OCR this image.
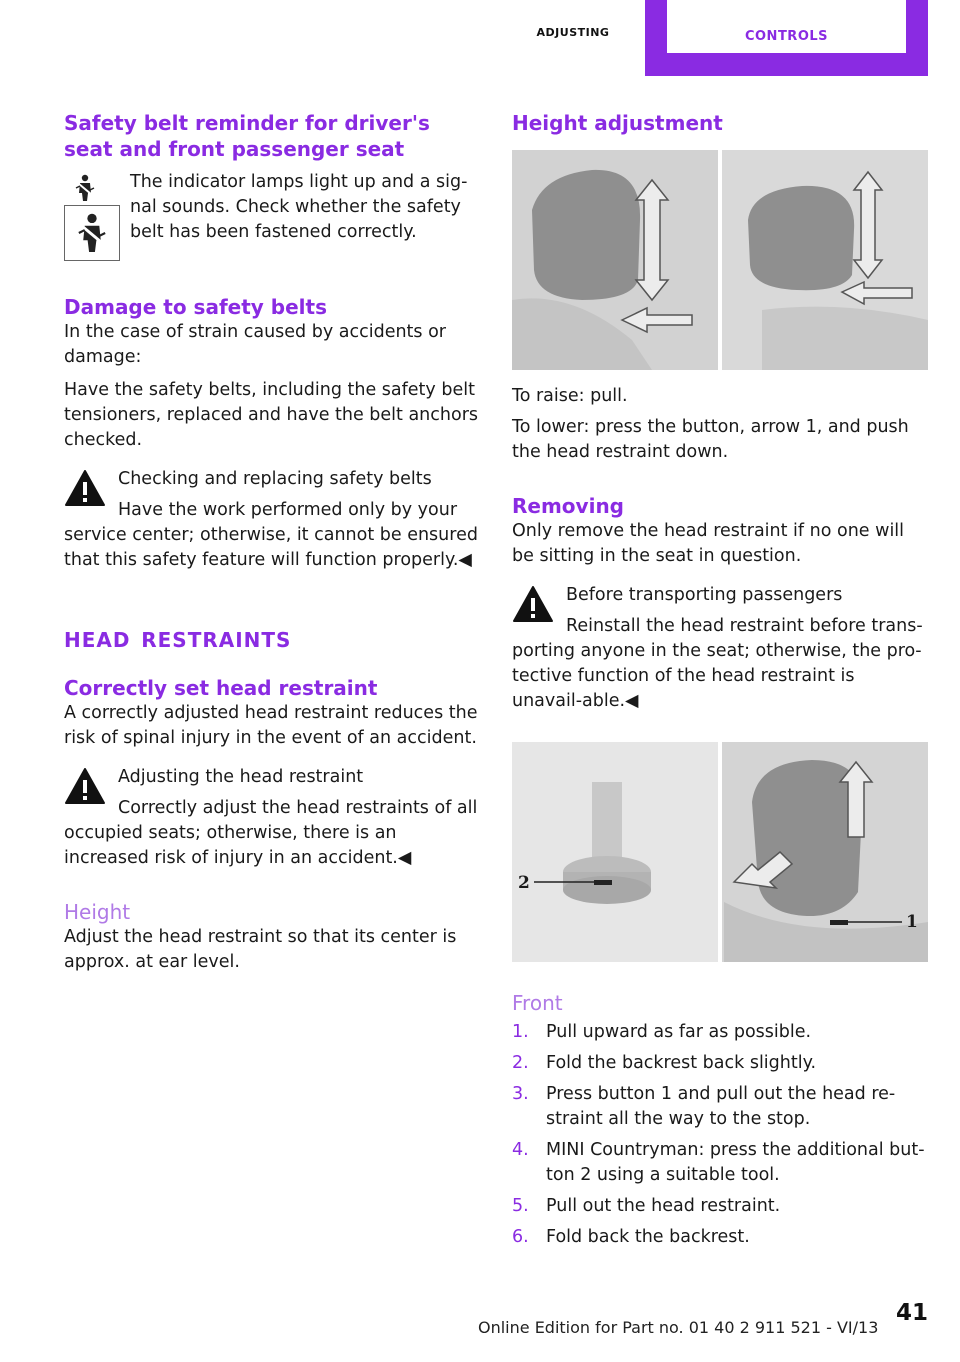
adjusting	controls
Safety belt reminder for driver's seat and front passenger seat

The indicator lamps light up and a sig‐nal sounds. Check whether the safety belt has been fastened correctly.

Damage to safety belts

In the case of strain caused by accidents or damage:

Have the safety belts, including the safety belt tensioners, replaced and have the belt anchors checked.

Checking and replacing safety belts

Have the work performed only by your service center; otherwise, it cannot be ensured that this safety feature will function properly.◀

head restraints
Correctly set head restraint

A correctly adjusted head restraint reduces the risk of spinal injury in the event of an accident.

Adjusting the head restraint

Correctly adjust the head restraints of all occupied seats; otherwise, there is an increased risk of injury in an accident.◀

Height

Adjust the head restraint so that its center is approx. at ear level.

Height adjustment

To raise: pull.

To lower: press the button, arrow 1, and push the head restraint down.

Removing

Only remove the head restraint if no one will be sitting in the seat in question.

Before transporting passengers

Reinstall the head restraint before trans‐porting anyone in the seat; otherwise, the pro‐tective function of the head restraint is unavail‐able.◀

2
1
Front
1. Pull upward as far as possible.

2. Fold the backrest back slightly.

3. Press button 1 and pull out the head re‐straint all the way to the stop.

4. MINI Countryman: press the additional but‐ton 2 using a suitable tool.

5. Pull out the head restraint.

6. Fold back the backrest.

Online Edition for Part no. 01 40 2 911 521 - VI/13
41
